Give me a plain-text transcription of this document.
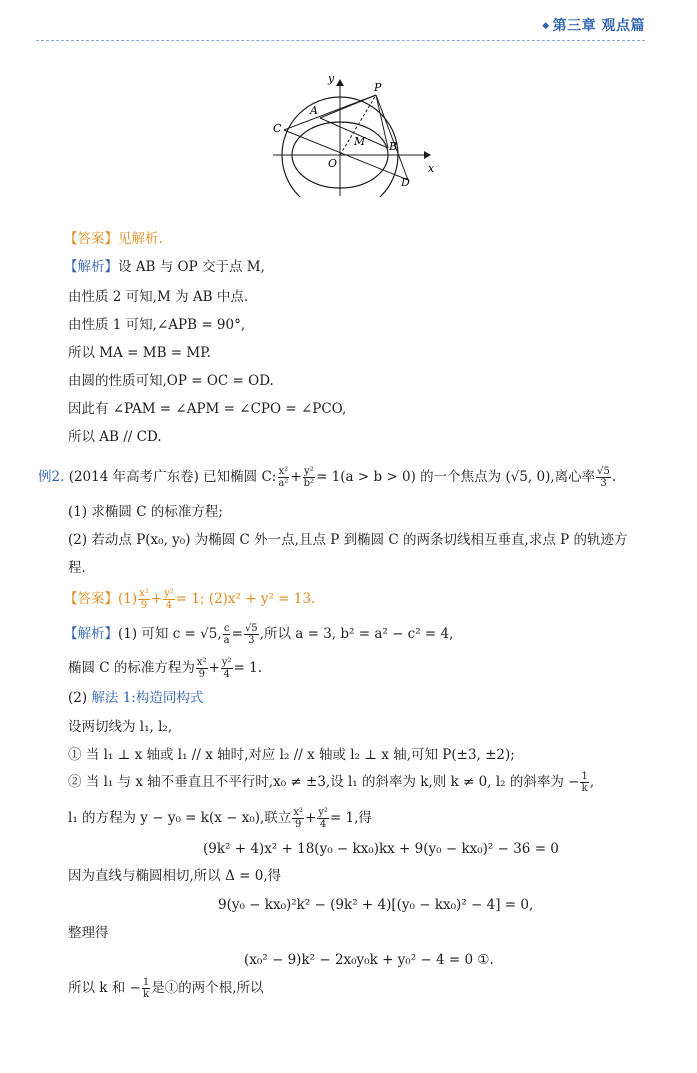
◆ 第三章 观点篇
y
x
O
A
P
C
M B
D
【答案】见解析.
【解析】设 AB 与 OP 交于点 M,
由性质 2 可知,M 为 AB 中点.
由性质 1 可知,∠APB = 90°,
所以 MA = MB = MP.
由圆的性质可知,OP = OC = OD.
因此有 ∠PAM = ∠APM = ∠CPO = ∠PCO,
所以 AB // CD.
例2. (2014 年高考广东卷) 已知椭圆 C: $\frac{\text{x²}}{\text{a²}} + \frac{\text{y²}}{\text{b²}} = 1(a > b > 0)$ 的一个焦点为 (√5, 0),离心率 $\frac{√5}{3}$ .
(1) 求椭圆 C 的标准方程;
(2) 若动点 P(x₀, y₀) 为椭圆 C 外一点,且点 P 到椭圆 C 的两条切线相互垂直,求点 P 的轨迹方
程.
【答案】$(1) \frac{\text{x²}}{9} + \frac{\text{y²}}{4} = 1$; (2)x² + y² = 13.
【解析】(1) 可知 c = √5, $\frac{c}{a} = \frac{√5}{3}$ ,所以 a = 3, b² = a² − c² = 4,
椭圆 C 的标准方程为 $\frac{\text{x²}}{9} + \frac{\text{y²}}{4} = 1$.
(2) 解法 1:构造同构式
设两切线为 l₁, l₂,
① 当 l₁ ⊥ x 轴或 l₁ // x 轴时,对应 l₂ // x 轴或 l₂ ⊥ x 轴,可知 P(±3, ±2);
② 当 l₁ 与 x 轴不垂直且不平行时,x₀ ≠ ±3,设 l₁ 的斜率为 k,则 k ≠ 0, l₂ 的斜率为 − $\frac{1}{k}$ ,
l₁ 的方程为 y − y₀ = k(x − x₀),联立 $\frac{\text{x²}}{9} + \frac{\text{y²}}{4} = 1$,得
(9k² + 4)x² + 18(y₀ − kx₀)kx + 9(y₀ − kx₀)² − 36 = 0
因为直线与椭圆相切,所以 Δ = 0,得
9(y₀ − kx₀)²k² − (9k² + 4)[(y₀ − kx₀)² − 4] = 0,
整理得
(x₀² − 9)k² − 2x₀y₀k + y₀² − 4 = 0 ①.
所以 k 和 − $\frac{1}{k}$ 是①的两个根,所以
